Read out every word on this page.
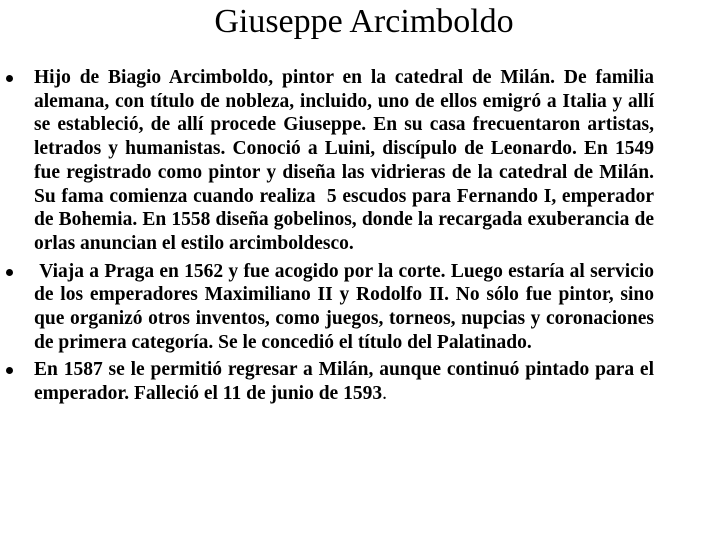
Giuseppe Arcimboldo
Hijo de Biagio Arcimboldo, pintor en la catedral de Milán. De familia alemana, con título de nobleza, incluido, uno de ellos emigró a Italia y allí se estableció, de allí procede Giuseppe. En su casa frecuentaron artistas, letrados y humanistas. Conoció a Luini, discípulo de Leonardo. En 1549 fue registrado como pintor y diseña las vidrieras de la catedral de Milán. Su fama comienza cuando realiza  5 escudos para Fernando I, emperador de Bohemia. En 1558 diseña gobelinos, donde la recargada exuberancia de orlas anuncian el estilo arcimboldesco.
Viaja a Praga en 1562 y fue acogido por la corte. Luego estaría al servicio de los emperadores Maximiliano II y Rodolfo II. No sólo fue pintor, sino que organizó otros inventos, como juegos, torneos, nupcias y coronaciones de primera categoría. Se le concedió el título del Palatinado.
En 1587 se le permitió regresar a Milán, aunque continuó pintado para el emperador. Falleció el 11 de junio de 1593.
